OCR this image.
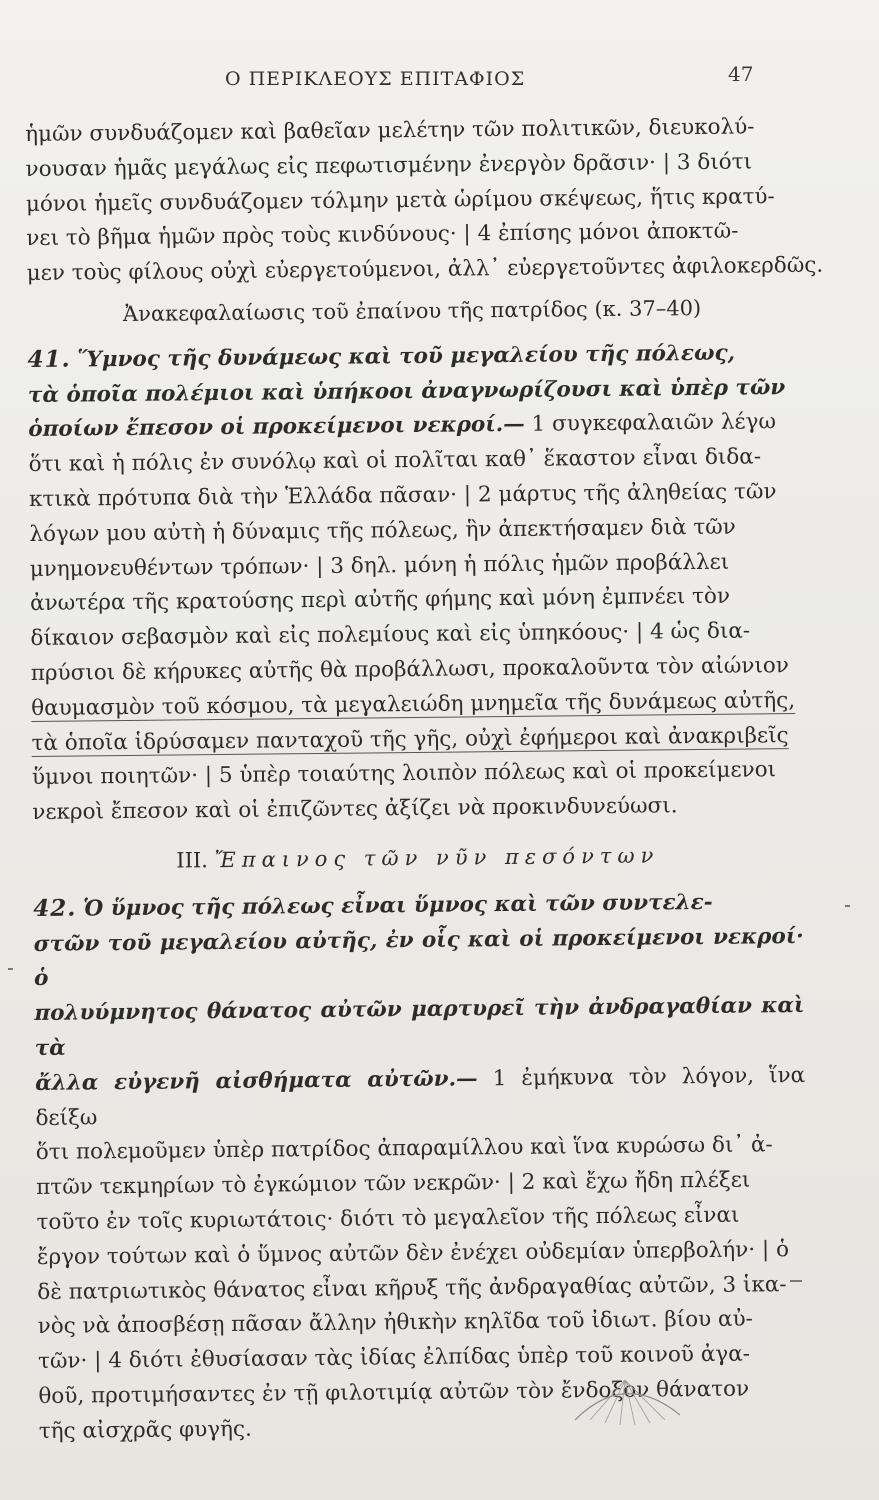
Ο ΠΕΡΙΚΛΕΟΥΣ ΕΠΙΤΑΦΙΟΣ	47

ἡμῶν συνδυάζομεν καὶ βαθεῖαν μελέτην τῶν πολιτικῶν, διευκολύ-
νουσαν ἡμᾶς μεγάλως εἰς πεφωτισμένην ἐνεργὸν δρᾶσιν· | 3 διότι
μόνοι ἡμεῖς συνδυάζομεν τόλμην μετὰ ὡρίμου σκέψεως, ἥτις κρατύ-
νει τὸ βῆμα ἡμῶν πρὸς τοὺς κινδύνους· | 4 ἐπίσης μόνοι ἀποκτῶ-
μεν τοὺς φίλους οὐχὶ εὐεργετούμενοι, ἀλλ᾽ εὐεργετοῦντες ἀφιλοκερδῶς.

Ἀνακεφαλαίωσις τοῦ ἐπαίνου τῆς πατρίδος (κ. 37–40)

41. Ὕμνος τῆς δυνάμεως καὶ τοῦ μεγαλείου τῆς πόλεως,
τὰ ὁποῖα πολέμιοι καὶ ὑπήκοοι ἀναγνωρίζουσι καὶ ὑπὲρ τῶν
ὁποίων ἔπεσον οἱ προκείμενοι νεκροί.— 1 συγκεφαλαιῶν λέγω
ὅτι καὶ ἡ πόλις ἐν συνόλῳ καὶ οἱ πολῖται καθ᾽ ἕκαστον εἶναι διδα-
κτικὰ πρότυπα διὰ τὴν Ἑλλάδα πᾶσαν· | 2 μάρτυς τῆς ἀληθείας τῶν
λόγων μου αὐτὴ ἡ δύναμις τῆς πόλεως, ἣν ἀπεκτήσαμεν διὰ τῶν
μνημονευθέντων τρόπων· | 3 δηλ. μόνη ἡ πόλις ἡμῶν προβάλλει
ἀνωτέρα τῆς κρατούσης περὶ αὐτῆς φήμης καὶ μόνη ἐμπνέει τὸν
δίκαιον σεβασμὸν καὶ εἰς πολεμίους καὶ εἰς ὑπηκόους· | 4 ὡς δια-
πρύσιοι δὲ κήρυκες αὐτῆς θὰ προβάλλωσι, προκαλοῦντα τὸν αἰώνιον
θαυμασμὸν τοῦ κόσμου, τὰ μεγαλειώδη μνημεῖα τῆς δυνάμεως αὐτῆς,
τὰ ὁποῖα ἱδρύσαμεν πανταχοῦ τῆς γῆς, οὐχὶ ἐφήμεροι καὶ ἀνακριβεῖς
ὕμνοι ποιητῶν· | 5 ὑπὲρ τοιαύτης λοιπὸν πόλεως καὶ οἱ προκείμενοι
νεκροὶ ἔπεσον καὶ οἱ ἐπιζῶντες ἀξίζει νὰ προκινδυνεύωσι.

III. Ἔπαινος τῶν νῦν πεσόντων

42. Ὁ ὕμνος τῆς πόλεως εἶναι ὕμνος καὶ τῶν συντελε-
στῶν τοῦ μεγαλείου αὐτῆς, ἐν οἷς καὶ οἱ προκείμενοι νεκροί· ὁ
πολυύμνητος θάνατος αὐτῶν μαρτυρεῖ τὴν ἀνδραγαθίαν καὶ τὰ
ἄλλα εὐγενῆ αἰσθήματα αὐτῶν.— 1 ἐμήκυνα τὸν λόγον, ἵνα δείξω
ὅτι πολεμοῦμεν ὑπὲρ πατρίδος ἀπαραμίλλου καὶ ἵνα κυρώσω δι᾽ ἀ-
πτῶν τεκμηρίων τὸ ἐγκώμιον τῶν νεκρῶν· | 2 καὶ ἔχω ἤδη πλέξει
τοῦτο ἐν τοῖς κυριωτάτοις· διότι τὸ μεγαλεῖον τῆς πόλεως εἶναι
ἔργον τούτων καὶ ὁ ὕμνος αὐτῶν δὲν ἐνέχει οὐδεμίαν ὑπερβολήν· | ὁ
δὲ πατριωτικὸς θάνατος εἶναι κῆρυξ τῆς ἀνδραγαθίας αὐτῶν, 3 ἱκα-
νὸς νὰ ἀποσβέσῃ πᾶσαν ἄλλην ἠθικὴν κηλῖδα τοῦ ἰδιωτ. βίου αὐ-
τῶν· | 4 διότι ἐθυσίασαν τὰς ἰδίας ἐλπίδας ὑπὲρ τοῦ κοινοῦ ἀγα-
θοῦ, προτιμήσαντες ἐν τῇ φιλοτιμίᾳ αὐτῶν τὸν ἔνδοξον θάνατον
τῆς αἰσχρᾶς φυγῆς.
